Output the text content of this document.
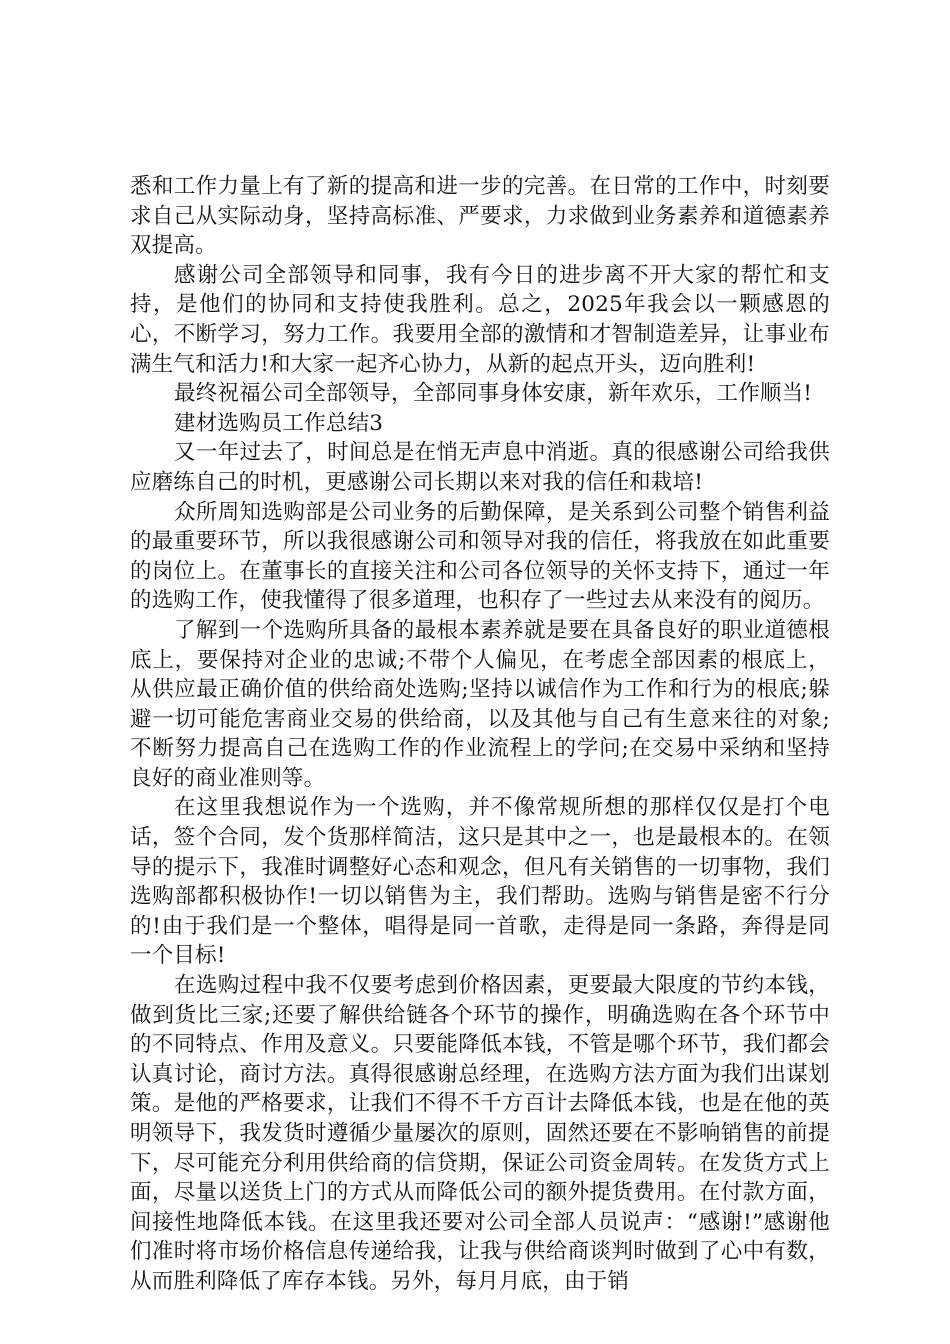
悉和工作力量上有了新的提高和进一步的完善。在日常的工作中，时刻要求自己从实际动身，坚持高标准、严要求，力求做到业务素养和道德素养双提高。

感谢公司全部领导和同事，我有今日的进步离不开大家的帮忙和支持，是他们的协同和支持使我胜利。总之，2025年我会以一颗感恩的心，不断学习，努力工作。我要用全部的激情和才智制造差异，让事业布满生气和活力!和大家一起齐心协力，从新的起点开头，迈向胜利!

最终祝福公司全部领导，全部同事身体安康，新年欢乐，工作顺当!

建材选购员工作总结3

又一年过去了，时间总是在悄无声息中消逝。真的很感谢公司给我供应磨练自己的时机，更感谢公司长期以来对我的信任和栽培!

众所周知选购部是公司业务的后勤保障，是关系到公司整个销售利益的最重要环节，所以我很感谢公司和领导对我的信任，将我放在如此重要的岗位上。在董事长的直接关注和公司各位领导的关怀支持下，通过一年的选购工作，使我懂得了很多道理，也积存了一些过去从来没有的阅历。

了解到一个选购所具备的最根本素养就是要在具备良好的职业道德根底上，要保持对企业的忠诚;不带个人偏见，在考虑全部因素的根底上，从供应最正确价值的供给商处选购;坚持以诚信作为工作和行为的根底;躲避一切可能危害商业交易的供给商，以及其他与自己有生意来往的对象;不断努力提高自己在选购工作的作业流程上的学问;在交易中采纳和坚持良好的商业准则等。

在这里我想说作为一个选购，并不像常规所想的那样仅仅是打个电话，签个合同，发个货那样简洁，这只是其中之一，也是最根本的。在领导的提示下，我准时调整好心态和观念，但凡有关销售的一切事物，我们选购部都积极协作!一切以销售为主，我们帮助。选购与销售是密不行分的!由于我们是一个整体，唱得是同一首歌，走得是同一条路，奔得是同一个目标!

在选购过程中我不仅要考虑到价格因素，更要最大限度的节约本钱，做到货比三家;还要了解供给链各个环节的操作，明确选购在各个环节中的不同特点、作用及意义。只要能降低本钱，不管是哪个环节，我们都会认真讨论，商讨方法。真得很感谢总经理，在选购方法方面为我们出谋划策。是他的严格要求，让我们不得不千方百计去降低本钱，也是在他的英明领导下，我发货时遵循少量屡次的原则，固然还要在不影响销售的前提下，尽可能充分利用供给商的信贷期，保证公司资金周转。在发货方式上面，尽量以送货上门的方式从而降低公司的额外提货费用。在付款方面，间接性地降低本钱。在这里我还要对公司全部人员说声：“感谢!”感谢他们准时将市场价格信息传递给我，让我与供给商谈判时做到了心中有数，从而胜利降低了库存本钱。另外，每月月底，由于销
